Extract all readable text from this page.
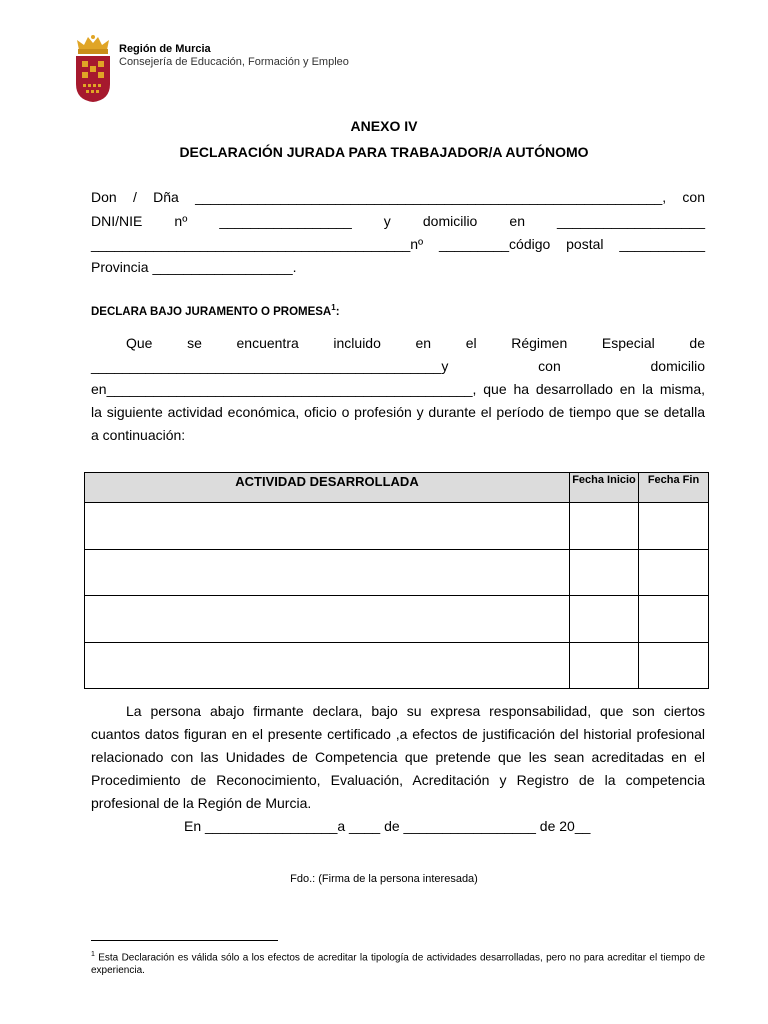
Región de Murcia
Consejería de Educación, Formación y Empleo
ANEXO IV
DECLARACIÓN JURADA PARA TRABAJADOR/A AUTÓNOMO
Don / Dña ____________________________________________________________, con
DNI/NIE nº _________________ y domicilio en ___________________
_________________________________________nº _________código postal ___________
Provincia __________________.
DECLARA BAJO JURAMENTO O PROMESA$^1$:
Que se encuentra incluido en el Régimen Especial de
_____________________________________________y con domicilio
en_______________________________________________, que ha desarrollado en la misma,
la siguiente actividad económica, oficio o profesión y durante el período de tiempo que se detalla
a continuación:
ACTIVIDAD DESARROLLADA	Fecha Inicio	Fecha Fin

La persona abajo firmante declara, bajo su expresa responsabilidad, que son ciertos
cuantos datos figuran en el presente certificado ,a efectos de justificación del historial profesional
relacionado con las Unidades de Competencia que pretende que les sean acreditadas en el
Procedimiento de Reconocimiento, Evaluación, Acreditación y Registro de la competencia
profesional de la Región de Murcia.
En _________________a ____ de _________________ de 20__
Fdo.: (Firma de la persona interesada)
$^1$ Esta Declaración es válida sólo a los efectos de acreditar la tipología de actividades desarrolladas, pero no para acreditar el tiempo de experiencia.
